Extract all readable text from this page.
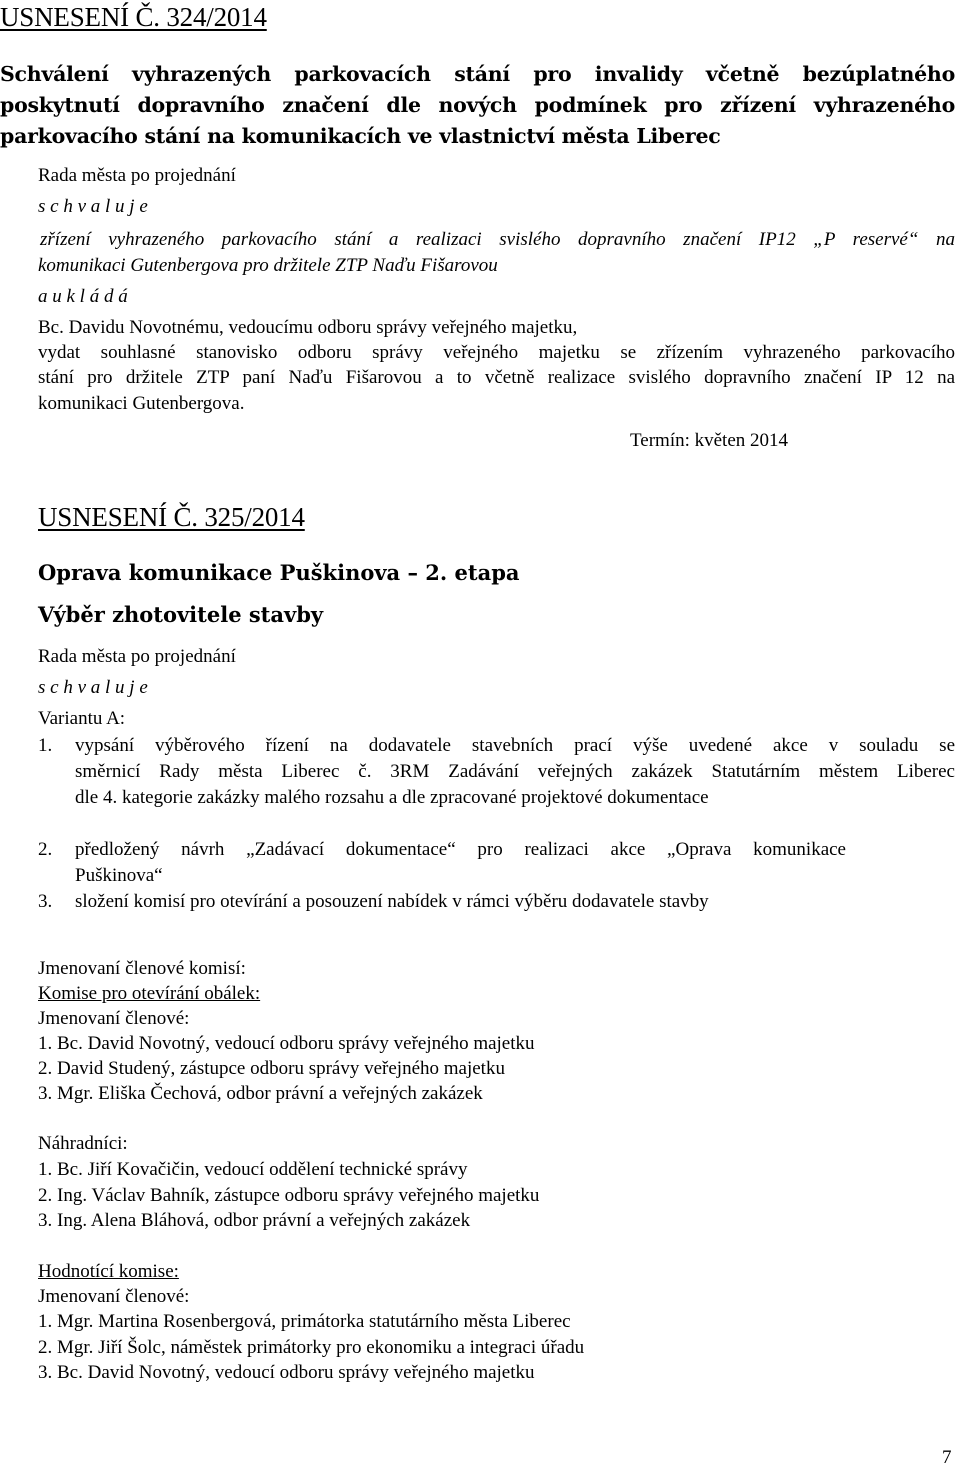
USNESENÍ Č. 324/2014
Schválení vyhrazených parkovacích stání pro invalidy včetně bezúplatného
poskytnutí dopravního značení dle nových podmínek pro zřízení vyhrazeného
parkovacího stání na komunikacích ve vlastnictví města Liberec
Rada města po projednání
s c h v a l u j e
zřízení vyhrazeného parkovacího stání a realizaci svislého dopravního značení IP12 „P reservé“ na
komunikaci Gutenbergova pro držitele ZTP Naďu Fišarovou
a u k l á d á
Bc. Davidu Novotnému, vedoucímu odboru správy veřejného majetku,
vydat souhlasné stanovisko odboru správy veřejného majetku se zřízením vyhrazeného parkovacího
stání pro držitele ZTP paní Naďu Fišarovou a to včetně realizace svislého dopravního značení IP 12 na
komunikaci Gutenbergova.
Termín: květen 2014
USNESENÍ Č. 325/2014
Oprava komunikace Puškinova – 2. etapa
Výběr zhotovitele stavby
Rada města po projednání
s c h v a l u j e
Variantu A:
1. vypsání výběrového řízení na dodavatele stavebních prací výše uvedené akce v souladu se
směrnicí Rady města Liberec č. 3RM Zadávání veřejných zakázek Statutárním městem Liberec
dle 4. kategorie zakázky malého rozsahu a dle zpracované projektové dokumentace
2. předložený návrh „Zadávací dokumentace“ pro realizaci akce „Oprava komunikace
Puškinova“
3. složení komisí pro otevírání a posouzení nabídek v rámci výběru dodavatele stavby
Jmenovaní členové komisí:
Komise pro otevírání obálek:
Jmenovaní členové:
1. Bc. David Novotný, vedoucí odboru správy veřejného majetku
2. David Studený, zástupce odboru správy veřejného majetku
3. Mgr. Eliška Čechová, odbor právní a veřejných zakázek
Náhradníci:
1. Bc. Jiří Kovačičin, vedoucí oddělení technické správy
2. Ing. Václav Bahník, zástupce odboru správy veřejného majetku
3. Ing. Alena Bláhová, odbor právní a veřejných zakázek
Hodnotící komise:
Jmenovaní členové:
1. Mgr. Martina Rosenbergová, primátorka statutárního města Liberec
2. Mgr. Jiří Šolc, náměstek primátorky pro ekonomiku a integraci úřadu
3. Bc. David Novotný, vedoucí odboru správy veřejného majetku
7
